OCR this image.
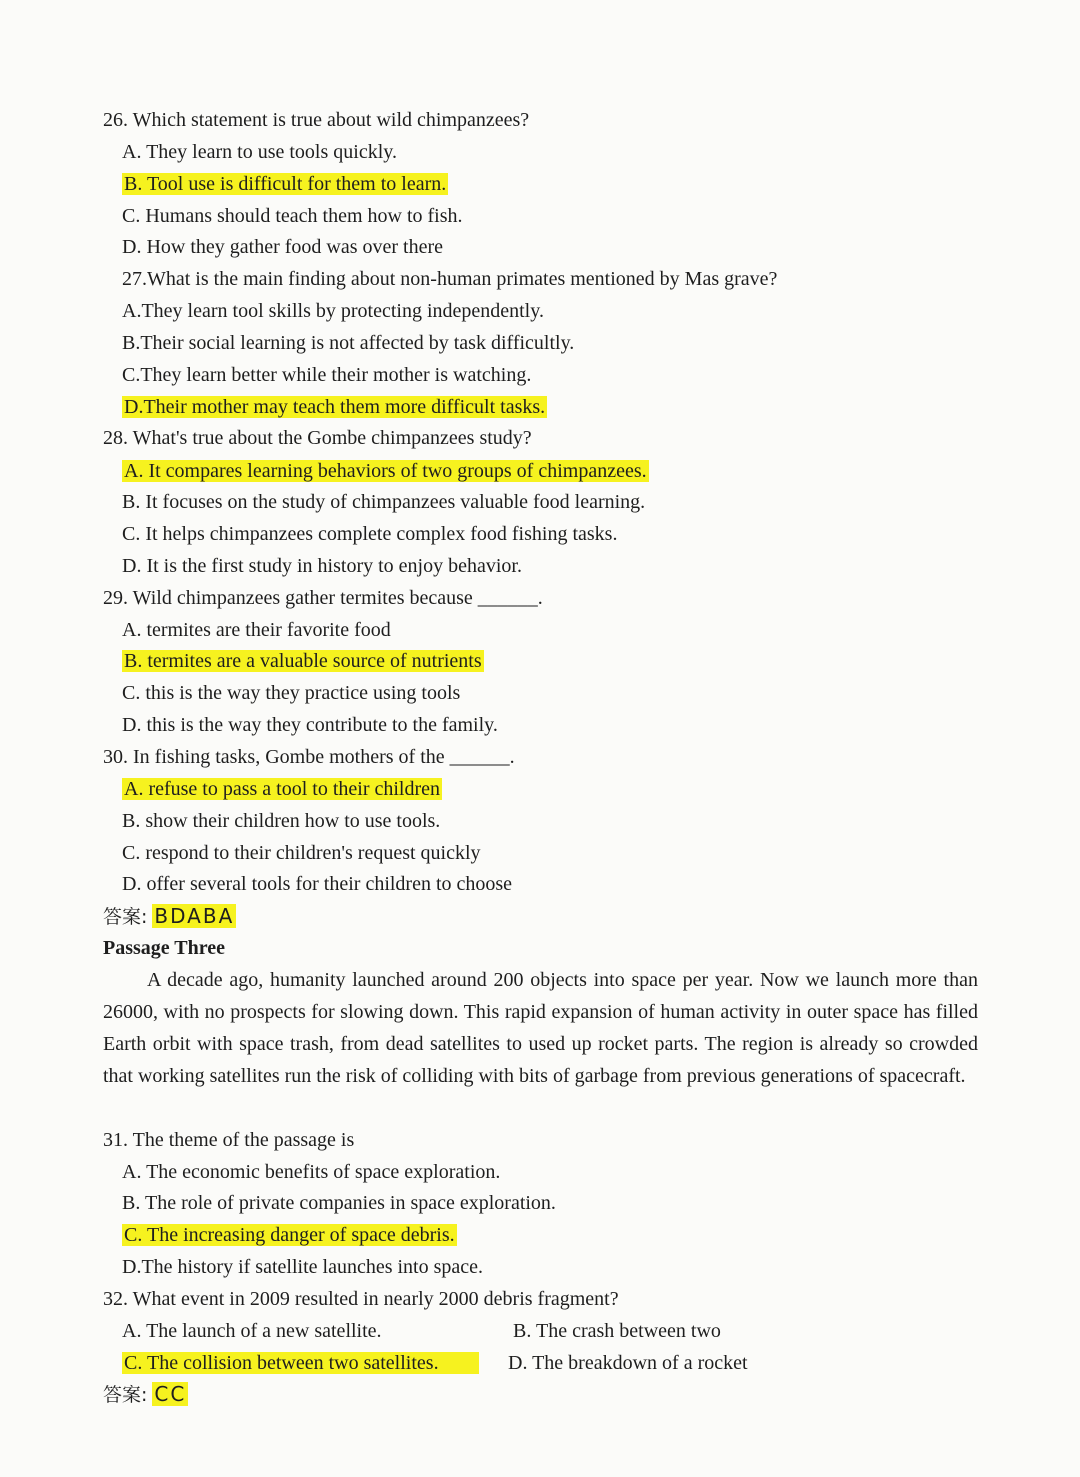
26. Which statement is true about wild chimpanzees?
A. They learn to use tools quickly.
B. Tool use is difficult for them to learn.
C. Humans should teach them how to fish.
D. How they gather food was over there
27.What is the main finding about non-human primates mentioned by Mas grave?
A.They learn tool skills by protecting independently.
B.Their social learning is not affected by task difficultly.
C.They learn better while their mother is watching.
D.Their mother may teach them more difficult tasks.
28. What's true about the Gombe chimpanzees study?
A. It compares learning behaviors of two groups of chimpanzees.
B. It focuses on the study of chimpanzees valuable food learning.
C. It helps chimpanzees complete complex food fishing tasks.
D. It is the first study in history to enjoy behavior.
29. Wild chimpanzees gather termites because ______.
A. termites are their favorite food
B. termites are a valuable source of nutrients
C. this is the way they practice using tools
D. this is the way they contribute to the family.
30. In fishing tasks, Gombe mothers of the ______.
A. refuse to pass a tool to their children
B. show their children how to use tools.
C. respond to their children's request quickly
D. offer several tools for their children to choose
答案: BDABA
Passage Three
A decade ago, humanity launched around 200 objects into space per year. Now we launch more than 26000, with no prospects for slowing down. This rapid expansion of human activity in outer space has filled Earth orbit with space trash, from dead satellites to used up rocket parts. The region is already so crowded that working satellites run the risk of colliding with bits of garbage from previous generations of spacecraft.
31. The theme of the passage is
A. The economic benefits of space exploration.
B. The role of private companies in space exploration.
C. The increasing danger of space debris.
D.The history if satellite launches into space.
32. What event in 2009 resulted in nearly 2000 debris fragment?
A. The launch of a new satellite.	B. The crash between two
C. The collision between two satellites.	D. The breakdown of a rocket
答案: CC
